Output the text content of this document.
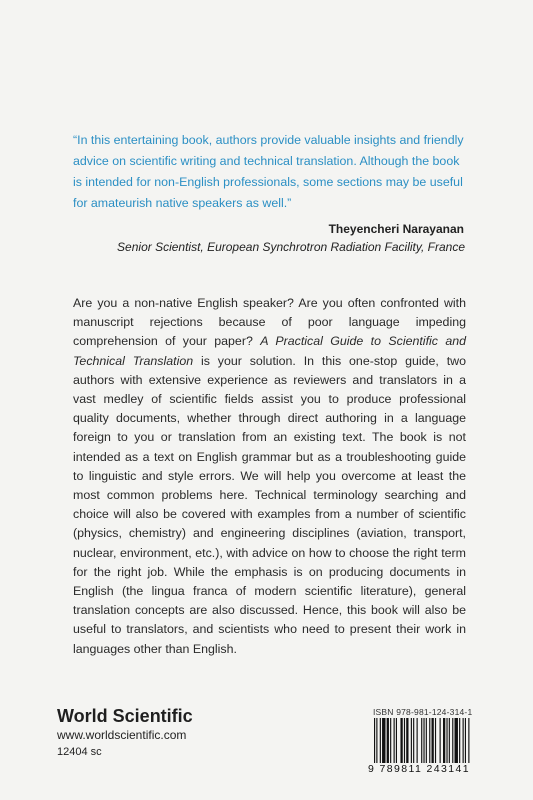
“In this entertaining book, authors provide valuable insights and friendly advice on scientific writing and technical translation. Although the book is intended for non-English professionals, some sections may be useful for amateurish native speakers as well.”

Theyencheri Narayanan
Senior Scientist, European Synchrotron Radiation Facility, France

Are you a non-native English speaker? Are you often confronted with manuscript rejections because of poor language impeding comprehension of your paper? A Practical Guide to Scientific and Technical Translation is your solution. In this one-stop guide, two authors with extensive experience as reviewers and translators in a vast medley of scientific fields assist you to produce professional quality documents, whether through direct authoring in a language foreign to you or translation from an existing text. The book is not intended as a text on English grammar but as a troubleshooting guide to linguistic and style errors. We will help you overcome at least the most common problems here. Technical terminology searching and choice will also be covered with examples from a number of scientific (physics, chemistry) and engineering disciplines (aviation, transport, nuclear, environment, etc.), with advice on how to choose the right term for the right job. While the emphasis is on producing documents in English (the lingua franca of modern scientific literature), general translation concepts are also discussed. Hence, this book will also be useful to translators, and scientists who need to present their work in languages other than English.

World Scientific
www.worldscientific.com
12404 sc
ISBN 978-981-124-314-1
9 789811 243141
